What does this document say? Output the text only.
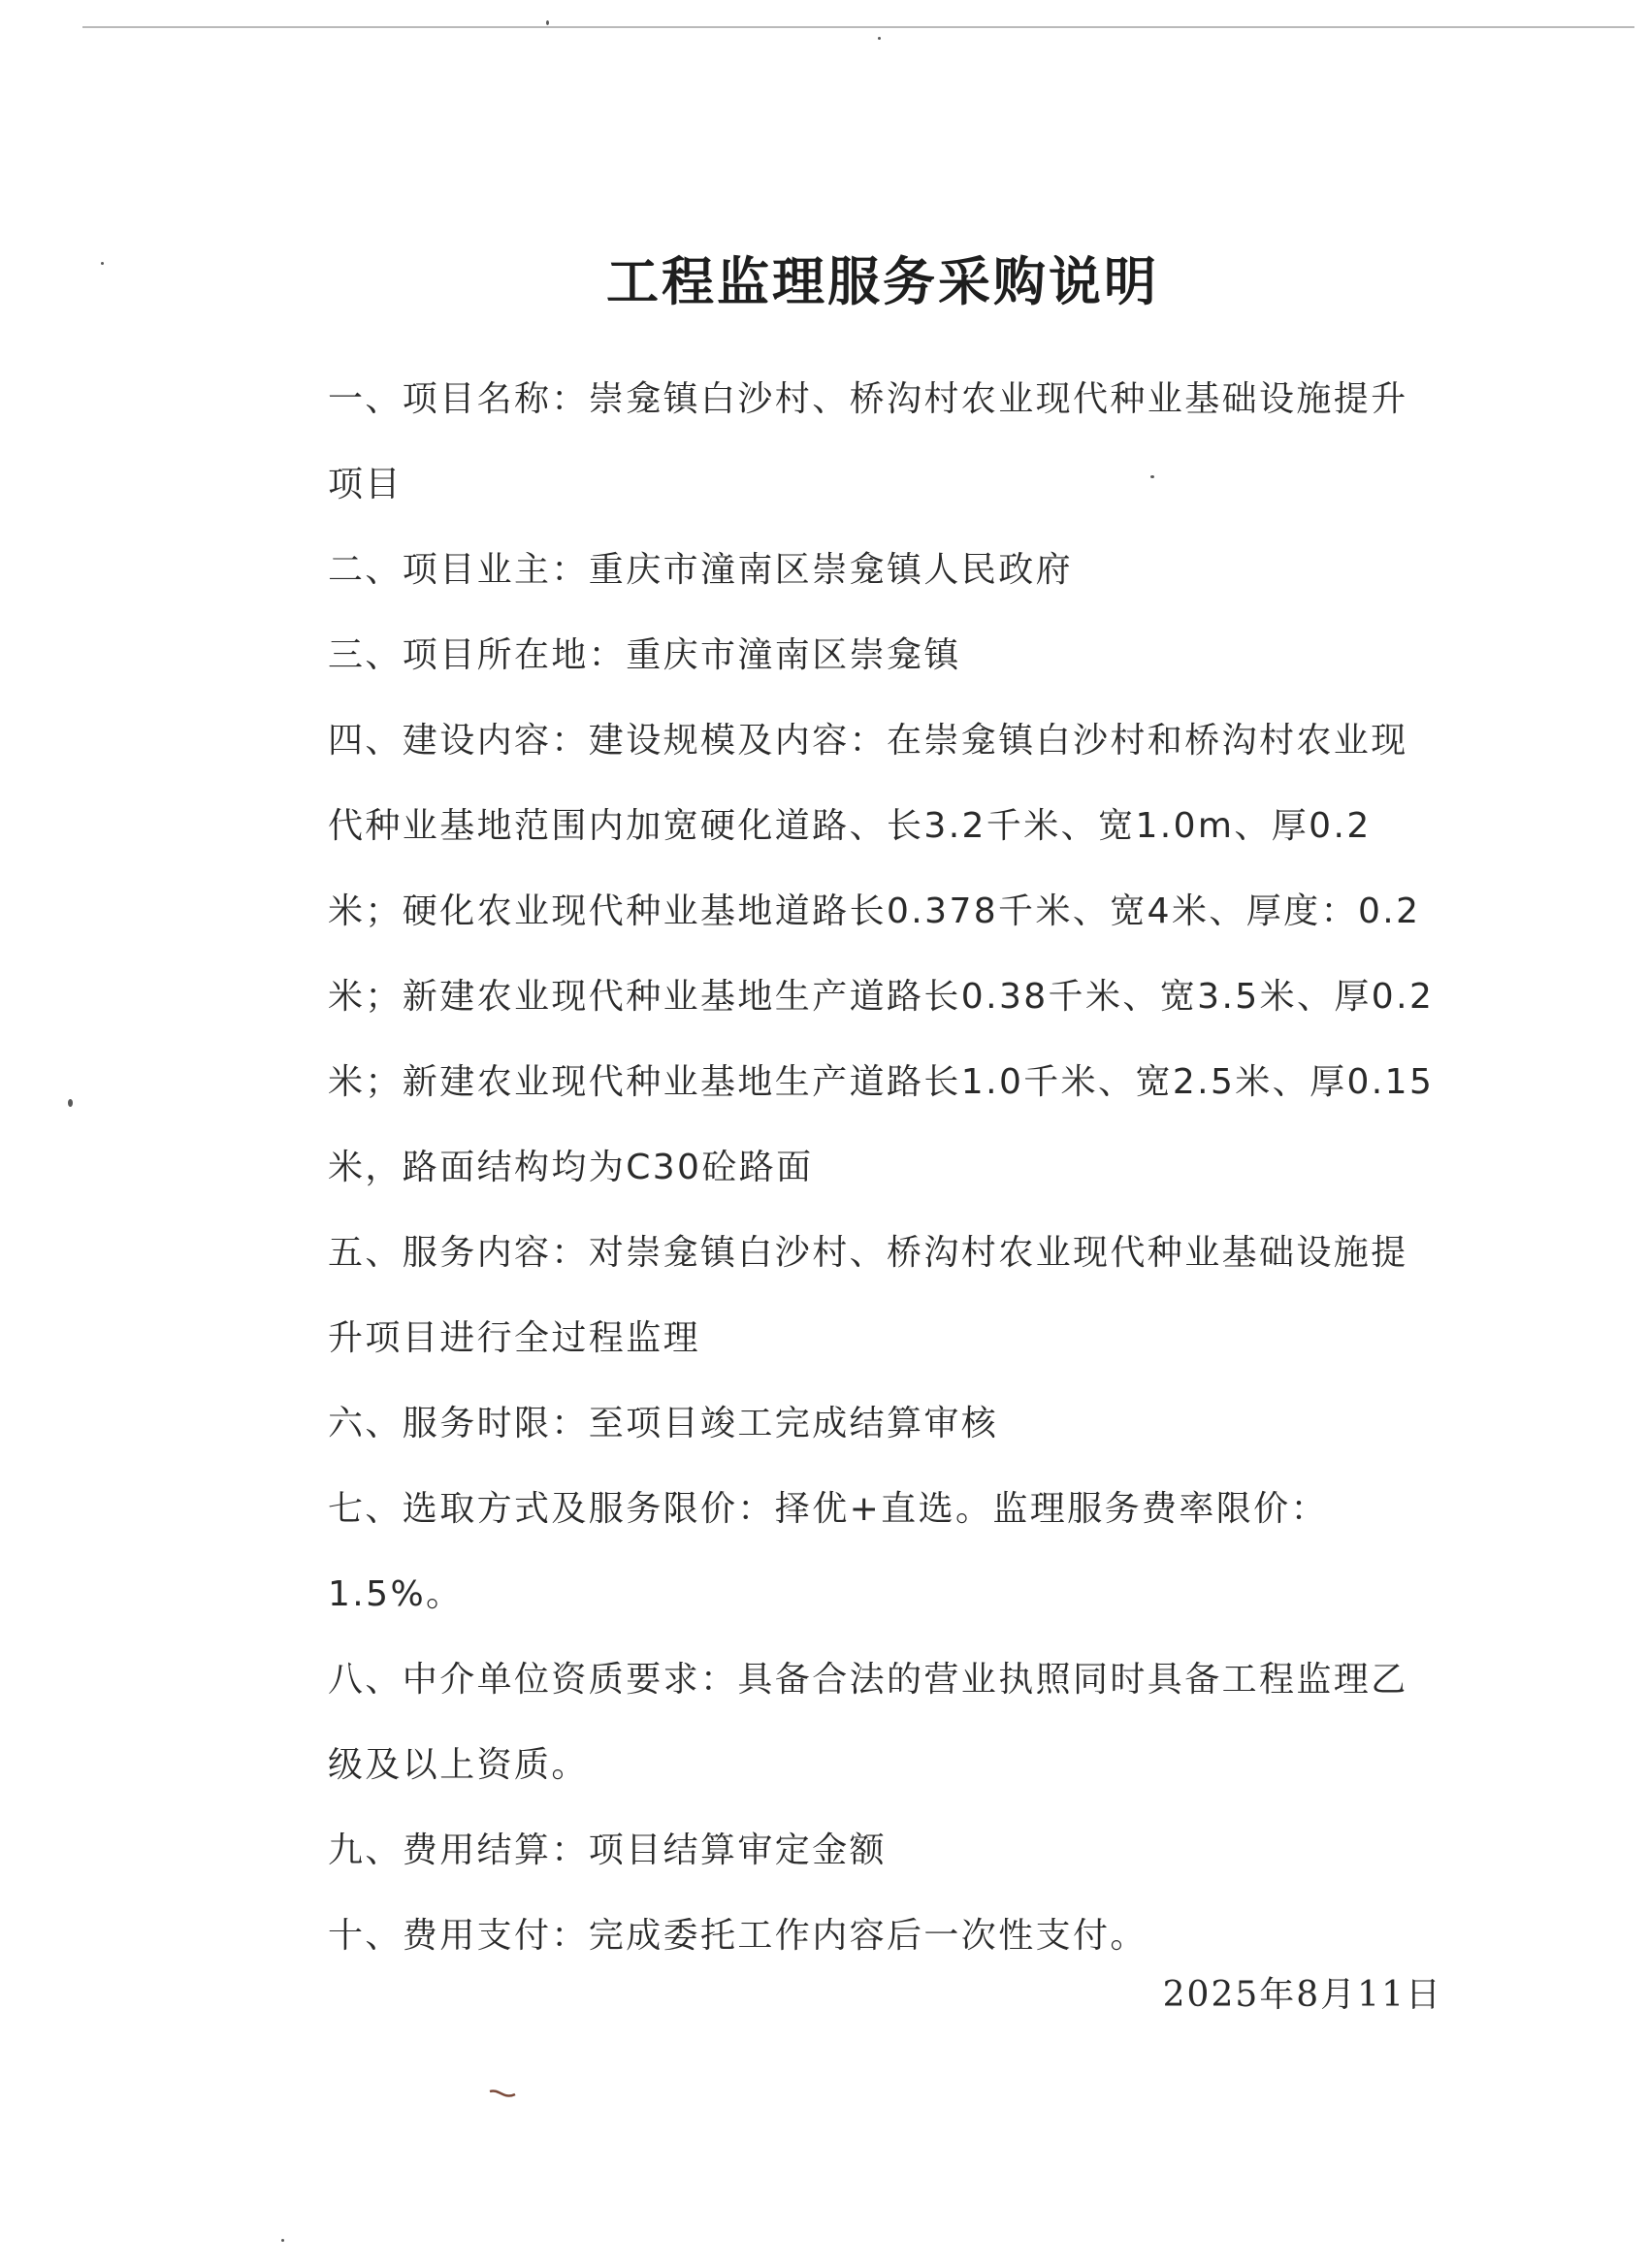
工程监理服务采购说明

一、项目名称：崇龛镇白沙村、桥沟村农业现代种业基础设施提升项目

二、项目业主：重庆市潼南区崇龛镇人民政府

三、项目所在地：重庆市潼南区崇龛镇

四、建设内容：建设规模及内容：在崇龛镇白沙村和桥沟村农业现代种业基地范围内加宽硬化道路、长3.2千米、宽1.0m、厚0.2米；硬化农业现代种业基地道路长0.378千米、宽4米、厚度：0.2米；新建农业现代种业基地生产道路长0.38千米、宽3.5米、厚0.2米；新建农业现代种业基地生产道路长1.0千米、宽2.5米、厚0.15米，路面结构均为C30砼路面

五、服务内容：对崇龛镇白沙村、桥沟村农业现代种业基础设施提升项目进行全过程监理

六、服务时限：至项目竣工完成结算审核

七、选取方式及服务限价：择优+直选。监理服务费率限价：1.5%。

八、中介单位资质要求：具备合法的营业执照同时具备工程监理乙级及以上资质。

九、费用结算：项目结算审定金额

十、费用支付：完成委托工作内容后一次性支付。

2025年8月11日
